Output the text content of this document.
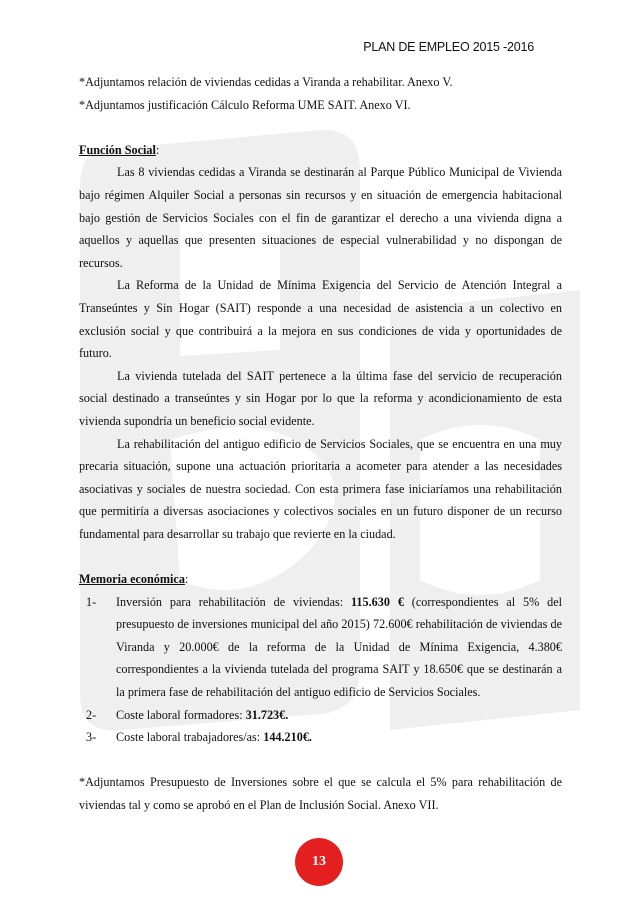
PLAN DE EMPLEO 2015 -2016

*Adjuntamos relación de viviendas cedidas a Viranda a rehabilitar. Anexo V.

*Adjuntamos justificación Cálculo Reforma UME SAIT. Anexo VI.

Función Social:

Las 8 viviendas cedidas a Viranda se destinarán al Parque Público Municipal de Vivienda bajo régimen Alquiler Social a personas sin recursos y en situación de emergencia habitacional bajo gestión de Servicios Sociales con el fin de garantizar el derecho a una vivienda digna a aquellos y aquellas que presenten situaciones de especial vulnerabilidad y no dispongan de recursos.

La Reforma de la Unidad de Mínima Exigencia del Servicio de Atención Integral a Transeúntes y Sin Hogar (SAIT) responde a una necesidad de asistencia a un colectivo en exclusión social y que contribuirá a la mejora en sus condiciones de vida y oportunidades de futuro.

La vivienda tutelada del SAIT pertenece a la última fase del servicio de recuperación social destinado a transeúntes y sin Hogar por lo que la reforma y acondicionamiento de esta vivienda supondría un beneficio social evidente.

La rehabilitación del antiguo edificio de Servicios Sociales, que se encuentra en una muy precaria situación, supone una actuación prioritaria a acometer para atender a las necesidades asociativas y sociales de nuestra sociedad. Con esta primera fase iniciaríamos una rehabilitación que permitiría a diversas asociaciones y colectivos sociales en un futuro disponer de un recurso fundamental para desarrollar su trabajo que revierte en la ciudad.

Memoria económica:

1- Inversión para rehabilitación de viviendas: 115.630 € (correspondientes al 5% del presupuesto de inversiones municipal del año 2015) 72.600€ rehabilitación de viviendas de Viranda y 20.000€ de la reforma de la Unidad de Mínima Exigencia, 4.380€ correspondientes a la vivienda tutelada del programa SAIT y 18.650€ que se destinarán a la primera fase de rehabilitación del antiguo edificio de Servicios Sociales.
2- Coste laboral formadores: 31.723€.
3- Coste laboral trabajadores/as: 144.210€.

*Adjuntamos Presupuesto de Inversiones sobre el que se calcula el 5% para rehabilitación de viviendas tal y como se aprobó en el Plan de Inclusión Social. Anexo VII.

13
